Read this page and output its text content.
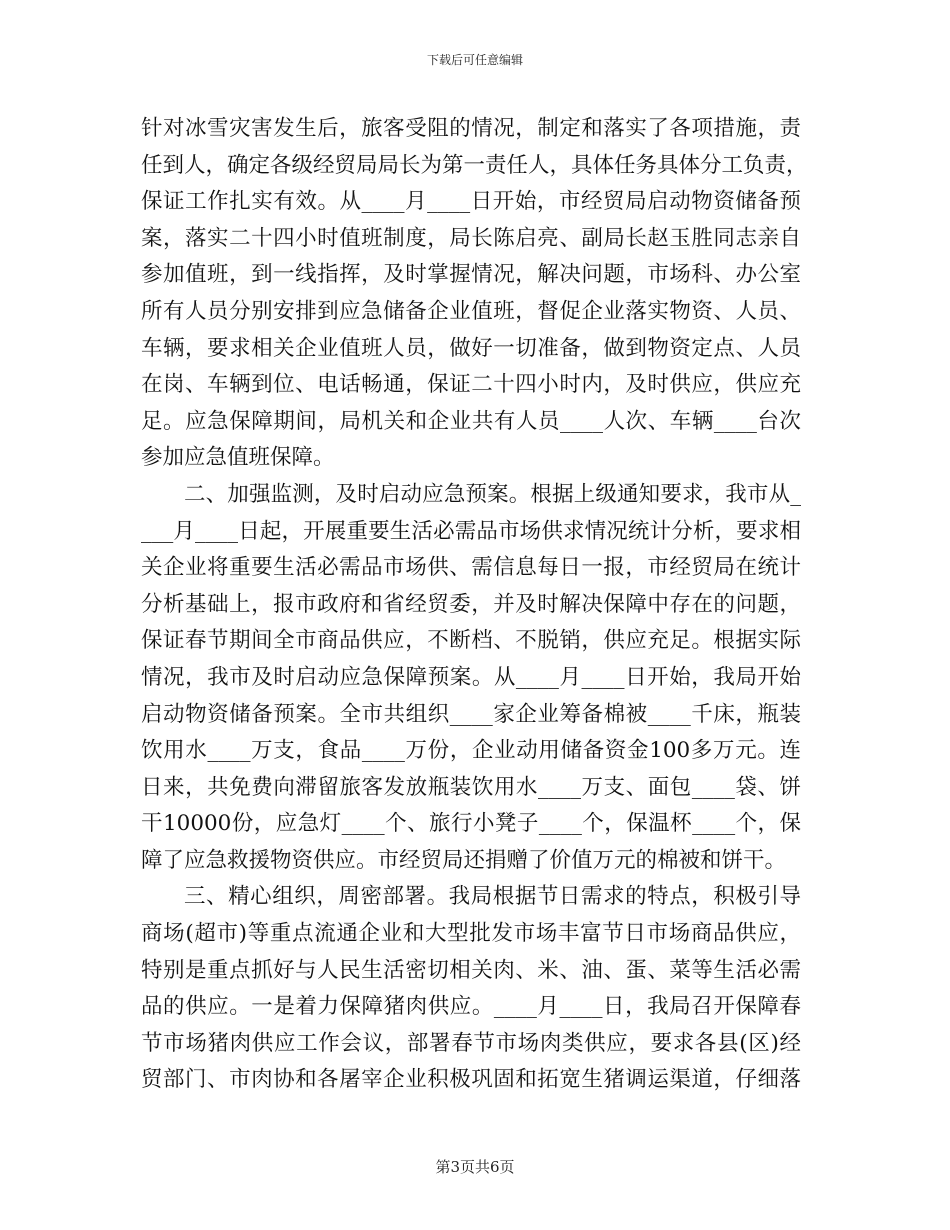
下载后可任意编辑
针对冰雪灾害发生后，旅客受阻的情况，制定和落实了各项措施，责
任到人，确定各级经贸局局长为第一责任人，具体任务具体分工负责，
保证工作扎实有效。从____月____日开始，市经贸局启动物资储备预
案，落实二十四小时值班制度，局长陈启亮、副局长赵玉胜同志亲自
参加值班，到一线指挥，及时掌握情况，解决问题，市场科、办公室
所有人员分别安排到应急储备企业值班，督促企业落实物资、人员、
车辆，要求相关企业值班人员，做好一切准备，做到物资定点、人员
在岗、车辆到位、电话畅通，保证二十四小时内，及时供应，供应充
足。应急保障期间，局机关和企业共有人员____人次、车辆____台次
参加应急值班保障。
二、加强监测，及时启动应急预案。根据上级通知要求，我市从_
___月____日起，开展重要生活必需品市场供求情况统计分析，要求相
关企业将重要生活必需品市场供、需信息每日一报，市经贸局在统计
分析基础上，报市政府和省经贸委，并及时解决保障中存在的问题，
保证春节期间全市商品供应，不断档、不脱销，供应充足。根据实际
情况，我市及时启动应急保障预案。从____月____日开始，我局开始
启动物资储备预案。全市共组织____家企业筹备棉被____千床，瓶装
饮用水____万支，食品____万份，企业动用储备资金100多万元。连
日来，共免费向滞留旅客发放瓶装饮用水____万支、面包____袋、饼
干10000份，应急灯____个、旅行小凳子____个，保温杯____个，保
障了应急救援物资供应。市经贸局还捐赠了价值万元的棉被和饼干。
三、精心组织，周密部署。我局根据节日需求的特点，积极引导
商场(超市)等重点流通企业和大型批发市场丰富节日市场商品供应，
特别是重点抓好与人民生活密切相关肉、米、油、蛋、菜等生活必需
品的供应。一是着力保障猪肉供应。____月____日，我局召开保障春
节市场猪肉供应工作会议，部署春节市场肉类供应，要求各县(区)经
贸部门、市肉协和各屠宰企业积极巩固和拓宽生猪调运渠道，仔细落
第3页共6页
